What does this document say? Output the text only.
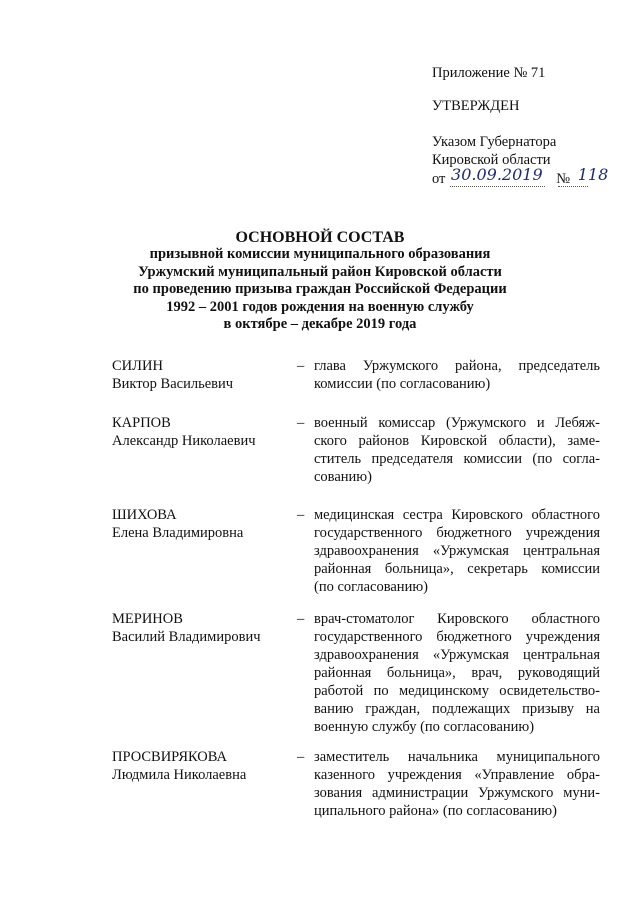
Приложение № 71
УТВЕРЖДЕН
Указом Губернатора
Кировской области
от 30.09.2019 № 118
ОСНОВНОЙ СОСТАВ
призывной комиссии муниципального образования
Уржумский муниципальный район Кировской области
по проведению призыва граждан Российской Федерации
1992 – 2001 годов рождения на военную службу
в октябре – декабре 2019 года
СИЛИН
Виктор Васильевич
– глава Уржумского района, председатель
комиссии (по согласованию)
КАРПОВ
Александр Николаевич
– военный комиссар (Уржумского и Лебяж-
ского районов Кировской области), заме-
ститель председателя комиссии (по согла-
сованию)
ШИХОВА
Елена Владимировна
– медицинская сестра Кировского областного
государственного бюджетного учреждения
здравоохранения «Уржумская центральная
районная больница», секретарь комиссии
(по согласованию)
МЕРИНОВ
Василий Владимирович
– врач-стоматолог Кировского областного
государственного бюджетного учреждения
здравоохранения «Уржумская центральная
районная больница», врач, руководящий
работой по медицинскому освидетельство-
ванию граждан, подлежащих призыву на
военную службу (по согласованию)
ПРОСВИРЯКОВА
Людмила Николаевна
– заместитель начальника муниципального
казенного учреждения «Управление обра-
зования администрации Уржумского муни-
ципального района» (по согласованию)
